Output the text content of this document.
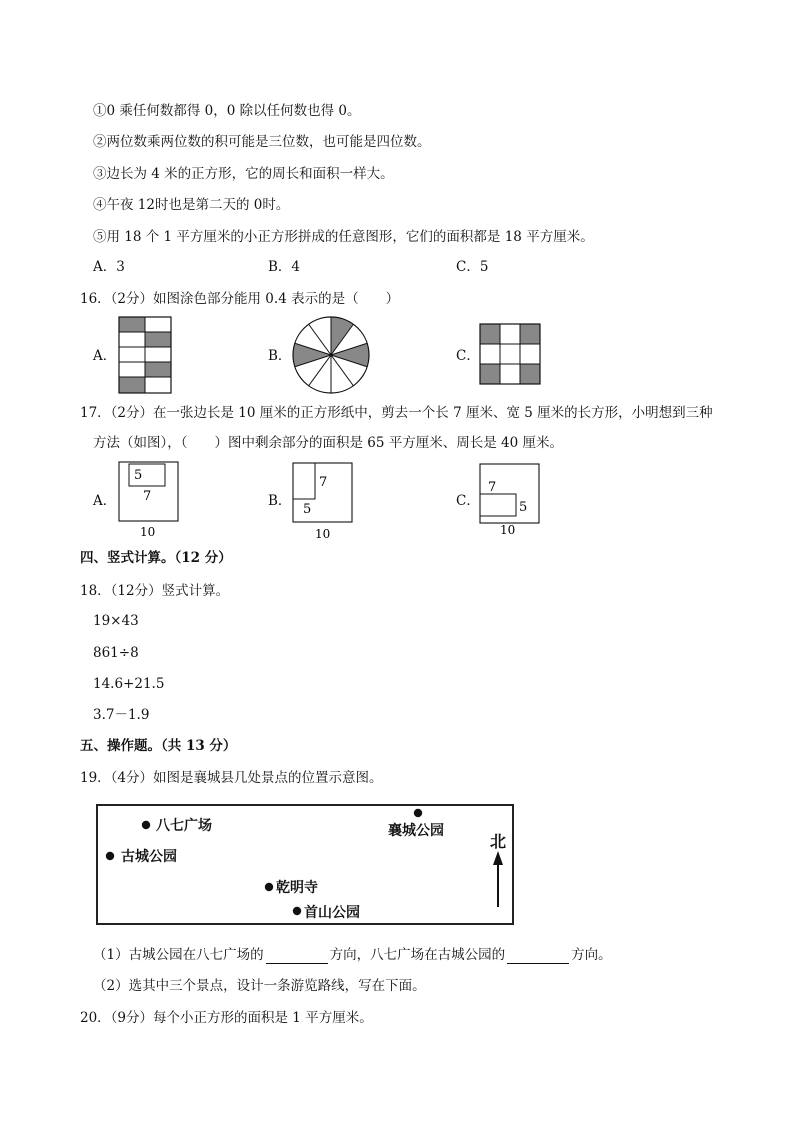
①0 乘任何数都得 0，0 除以任何数也得 0。
②两位数乘两位数的积可能是三位数，也可能是四位数。
③边长为 4 米的正方形，它的周长和面积一样大。
④午夜 12时也是第二天的 0时。
⑤用 18 个 1 平方厘米的小正方形拼成的任意图形，它们的面积都是 18 平方厘米。
A．3	B．4	C．5
16．（2分）如图涂色部分能用 0.4 表示的是（　　）
A．	B．	C．
17．（2分）在一张边长是 10 厘米的正方形纸中，剪去一个长 7 厘米、宽 5 厘米的长方形，小明想到三种
方法（如图），（　　）图中剩余部分的面积是 65 平方厘米、周长是 40 厘米。
A．	B．	C．
5
7
10
7
5
10
7
5
10
四、竖式计算。（12 分）
18．（12分）竖式计算。
19×43
861÷8
14.6+21.5
3.7－1.9
五、操作题。（共 13 分）
19．（4分）如图是襄城县几处景点的位置示意图。
八七广场	襄城公园
古城公园
乾明寺
首山公园
北
（1）古城公园在八七广场的	方向，八七广场在古城公园的	方向。
（2）选其中三个景点，设计一条游览路线，写在下面。
20．（9分）每个小正方形的面积是 1 平方厘米。
